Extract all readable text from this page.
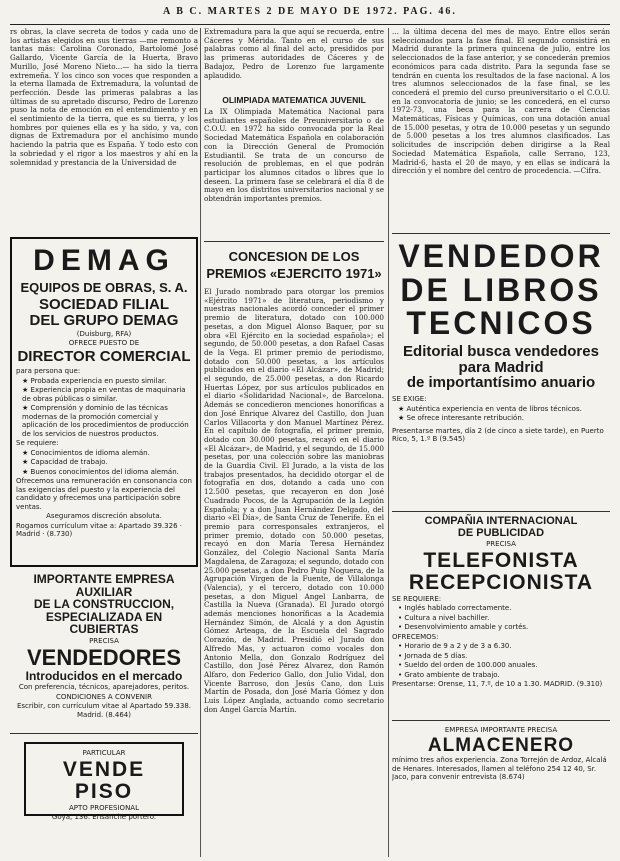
A B C. MARTES 2 DE MAYO DE 1972. PAG. 46.

rs obras, la clave secreta de todos y cada uno de los artistas elegidos en sus tierras —me remonto a tantas más: Carolina Coronado, Bartolomé José Gallardo, Vicente García de la Huerta, Bravo Murillo, José Moreno Nieto...— ha sido la tierra extremeña. Y los cinco son voces que responden a la eterna llamada de Extremadura, la voluntad de perfección. Desde las primeras palabras a las últimas de su apretado discurso, Pedro de Lorenzo puso la nota de emoción en el entendimiento y en el sentimiento de la tierra, que es su tierra, y los hombres por quienes ella es y ha sido, y va, con dignas de Extremadura por el anchísimo mundo haciendo la patria que es España. Y todo esto con la sobriedad y el rigor a los maestros y ahí en la solemnidad y prestancia de la Universidad de

DEMAG
EQUIPOS DE OBRAS, S. A.
SOCIEDAD FILIAL
DEL GRUPO DEMAG
(Duisburg, RFA)
OFRECE PUESTO DE
DIRECTOR COMERCIAL
para persona que:
★ Probada experiencia en puesto similar.
★ Experiencia propia en ventas de maquinaria de obras públicas o similar.
★ Comprensión y dominio de las técnicas modernas de la promoción comercial y aplicación de los procedimientos de producción de los servicios de nuestros productos.
Se requiere:
★ Conocimientos de idioma alemán.
★ Capacidad de trabajo.
★ Buenos conocimientos del idioma alemán.
Ofrecemos una remuneración en consonancia con las exigencias del puesto y la experiencia del candidato y ofrecemos una participación sobre ventas.
Aseguramos discreción absoluta.
Rogamos currículum vitae a: Apartado 39.326 · Madrid · (8.730)
IMPORTANTE EMPRESA AUXILIAR
DE LA CONSTRUCCION,
ESPECIALIZADA EN CUBIERTAS
PRECISA
VENDEDORES
Introducidos en el mercado
Con preferencia, técnicos, aparejadores, peritos.
CONDICIONES A CONVENIR
Escribir, con currículum vitae al Apartado 59.338. Madrid. (8.464)
PARTICULAR
VENDE PISO
APTO PROFESIONAL
Goya, 136. Ensanche portero.

Extremadura para la que aquí se recuerda, entre Cáceres y Mérida. Tanto en el curso de sus palabras como al final del acto, presididos por las primeras autoridades de Cáceres y de Badajoz, Pedro de Lorenzo fue largamente aplaudido.

OLIMPIADA MATEMATICA JUVENIL

La IX Olimpiada Matemática Nacional para estudiantes españoles de Preuniversitario o de C.O.U. en 1972 ha sido convocada por la Real Sociedad Matemática Española en colaboración con la Dirección General de Promoción Estudiantil. Se trata de un concurso de resolución de problemas, en el que podrán participar los alumnos citados o libres que lo deseen. La primera fase se celebrará el día 8 de mayo en los distritos universitarios nacional y se obtendrán importantes premios.

CONCESION DE LOS PREMIOS «EJERCITO 1971»

El Jurado nombrado para otorgar los premios «Ejército 1971» de literatura, periodismo y nuestras nacionales acordó conceder el primer premio de literatura, dotado con 100.000 pesetas, a don Miguel Alonso Baquer, por su obra «El Ejército en la sociedad española»; el segundo, de 50.000 pesetas, a don Rafael Casas de la Vega. El primer premio de periodismo, dotado con 50.000 pesetas, a los artículos publicados en el diario «El Alcázar», de Madrid; el segundo, de 25.000 pesetas, a don Ricardo Huertas López, por sus artículos publicados en el diario «Solidaridad Nacional», de Barcelona. Además se concedieron menciones honoríficas a don José Enrique Alvarez del Castillo, don Juan Carlos Villacorta y don Manuel Martínez Pérez. En el capítulo de fotografía, el primer premio, dotado con 30.000 pesetas, recayó en el diario «El Alcázar», de Madrid, y el segundo, de 15.000 pesetas, por una colección sobre las maniobras de la Guardia Civil. El Jurado, a la vista de los trabajos presentados, ha decidido otorgar el de fotografía en dos, dotando a cada uno con 12.500 pesetas, que recayeron en don José Cuadrado Pocos, de la Agrupación de la Legión Española; y a don Juan Hernández Delgado, del diario «El Día», de Santa Cruz de Tenerife. En el premio para corresponsales extranjeros, el primer premio, dotado con 50.000 pesetas, recayó en don María Teresa Hernández González, del Colegio Nacional Santa María Magdalena, de Zaragoza; el segundo, dotado con 25.000 pesetas, a don Pedro Puig Noguera, de la Agrupación Virgen de la Fuente, de Villalonga (Valencia), y el tercero, dotado con 10.000 pesetas, a don Miguel Angel Lanbarra, de Castilla la Nueva (Granada). El Jurado otorgó además menciones honoríficas a la Academia Hernández Simón, de Alcalá y a don Agustín Gómez Arteaga, de la Escuela del Sagrado Corazón, de Madrid. Presidió el Jurado don Alfredo Mas, y actuaron como vocales don Antonio Mella, don Gonzalo Rodríguez del Castillo, don José Pérez Alvarez, don Ramón Alfaro, don Federico Gallo, don Julio Vidal, don Vicente Barroso, don Jesús Cano, don Luis Martín de Posada, don José María Gómez y don Luis López Anglada, actuando como secretario don Angel García Martín.

... la última decena del mes de mayo. Entre ellos serán seleccionados para la fase final. El segundo consistirá en Madrid durante la primera quincena de julio, entre los seleccionados de la fase anterior, y se concederán premios económicos para cada distrito. Para la segunda fase se tendrán en cuenta los resultados de la fase nacional. A los tres alumnos seleccionados de la fase final, se les concederá el premio del curso preuniversitario o el C.O.U. en la convocatoria de junio; se les concederá, en el curso 1972-73, una beca para la carrera de Ciencias Matemáticas, Físicas y Químicas, con una dotación anual de 15.000 pesetas, y otra de 10.000 pesetas y un segundo de 5.000 pesetas a los tres alumnos clasificados. Las solicitudes de inscripción deben dirigirse a la Real Sociedad Matemática Española, calle Serrano, 123, Madrid-6, hasta el 20 de mayo, y en ellas se indicará la dirección y el nombre del centro de procedencia. —Cifra.

VENDEDOR
DE LIBROS
TECNICOS
Editorial busca vendedores
para Madrid
de importantísimo anuario
SE EXIGE:
★ Auténtica experiencia en venta de libros técnicos.
★ Se ofrece interesante retribución.
Presentarse martes, día 2 (de cinco a siete tarde), en Puerto Rico, 5, 1.º B (9.545)
COMPAÑIA INTERNACIONAL
DE PUBLICIDAD
PRECISA
TELEFONISTA
RECEPCIONISTA
SE REQUIERE:
• Inglés hablado correctamente.
• Cultura a nivel bachiller.
• Desenvolvimiento amable y cortés.
OFRECEMOS:
• Horario de 9 a 2 y de 3 a 6.30.
• Jornada de 5 días.
• Sueldo del orden de 100.000 anuales.
• Grato ambiente de trabajo.
Presentarse: Orense, 11, 7.º, de 10 a 1.30. MADRID. (9.310)
EMPRESA IMPORTANTE PRECISA
ALMACENERO
mínimo tres años experiencia. Zona Torrejón de Ardoz, Alcalá de Henares. Interesados, llamen al teléfono 254 12 40, Sr. Jaco, para convenir entrevista (8.674)
